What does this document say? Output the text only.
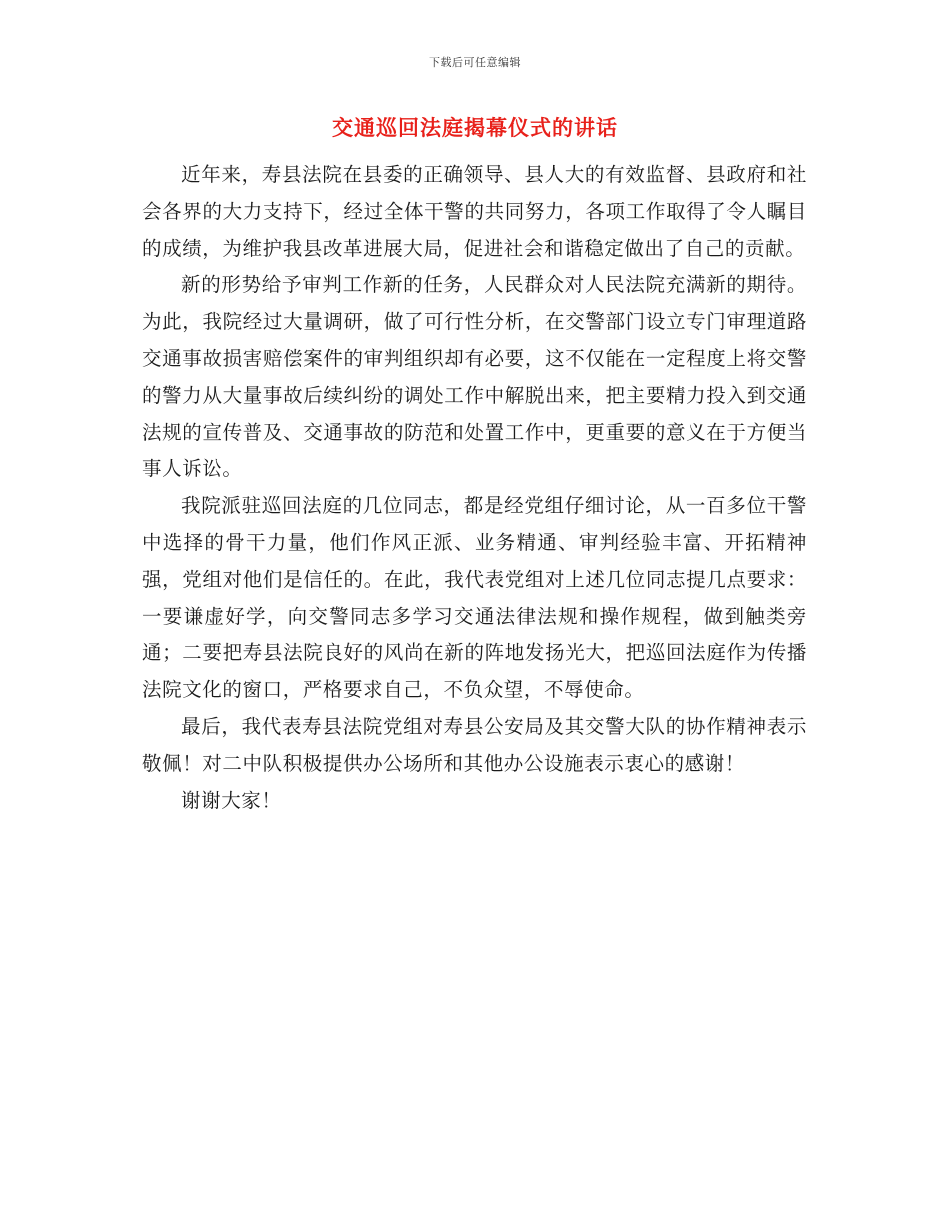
下载后可任意编辑
交通巡回法庭揭幕仪式的讲话

近年来，寿县法院在县委的正确领导、县人大的有效监督、县政府和社会各界的大力支持下，经过全体干警的共同努力，各项工作取得了令人瞩目的成绩，为维护我县改革进展大局，促进社会和谐稳定做出了自己的贡献。

新的形势给予审判工作新的任务，人民群众对人民法院充满新的期待。为此，我院经过大量调研，做了可行性分析，在交警部门设立专门审理道路交通事故损害赔偿案件的审判组织却有必要，这不仅能在一定程度上将交警的警力从大量事故后续纠纷的调处工作中解脱出来，把主要精力投入到交通法规的宣传普及、交通事故的防范和处置工作中，更重要的意义在于方便当事人诉讼。

我院派驻巡回法庭的几位同志，都是经党组仔细讨论，从一百多位干警中选择的骨干力量，他们作风正派、业务精通、审判经验丰富、开拓精神强，党组对他们是信任的。在此，我代表党组对上述几位同志提几点要求：一要谦虚好学，向交警同志多学习交通法律法规和操作规程，做到触类旁通；二要把寿县法院良好的风尚在新的阵地发扬光大，把巡回法庭作为传播法院文化的窗口，严格要求自己，不负众望，不辱使命。

最后，我代表寿县法院党组对寿县公安局及其交警大队的协作精神表示敬佩！对二中队积极提供办公场所和其他办公设施表示衷心的感谢！

谢谢大家！
